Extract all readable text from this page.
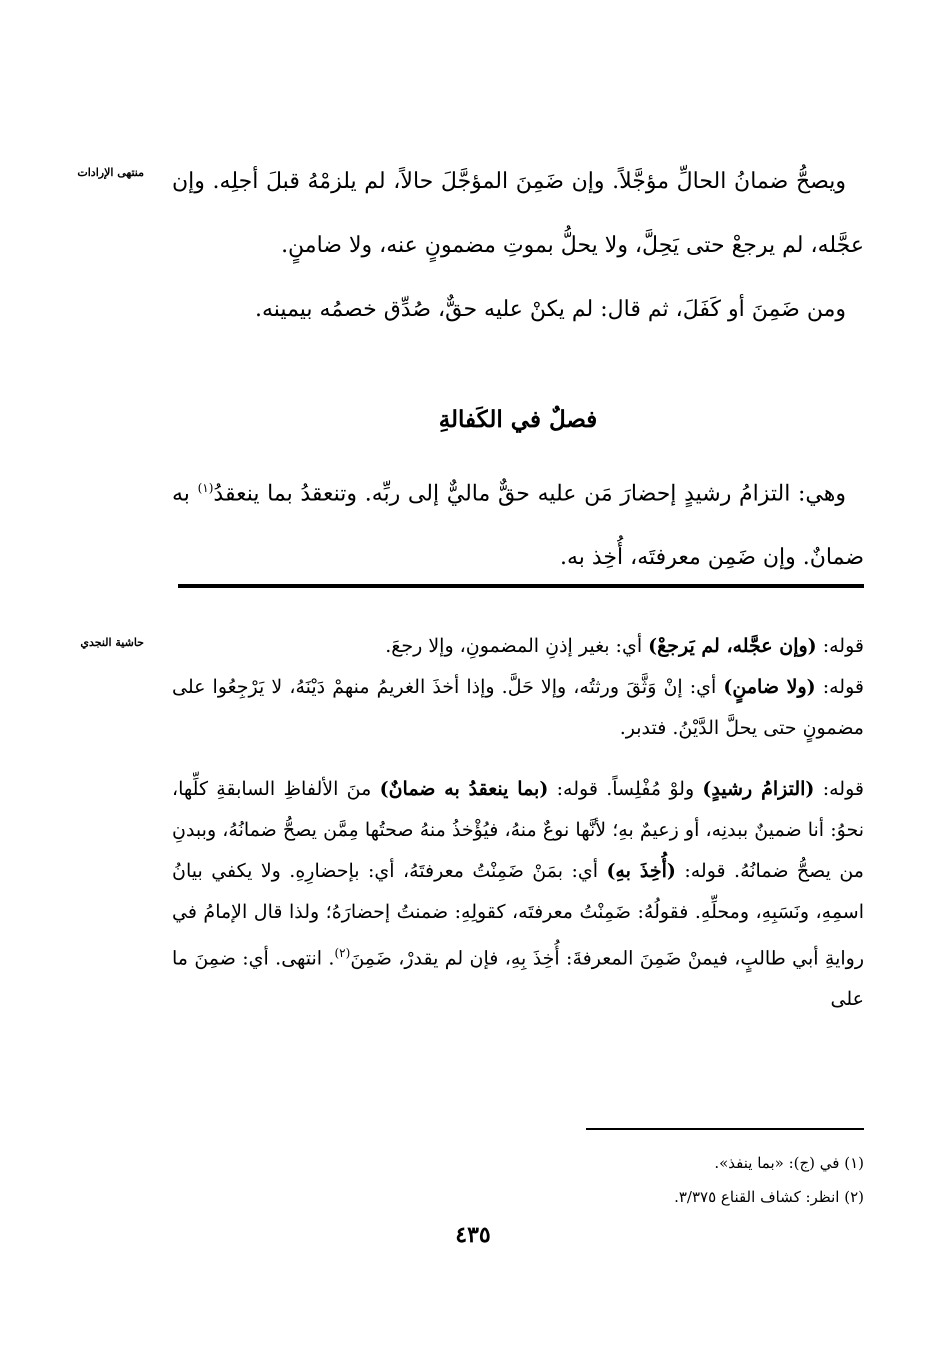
منتهى الإرادات ويصحُّ ضمانُ الحالِّ مؤجَّلاً. وإن ضَمِنَ المؤجَّلَ حالاً، لم يلزمْهُ قبلَ أجلِه. وإن عجَّله، لم يرجعْ حتى يَحِلَّ، ولا يحلُّ بموتِ مضمونٍ عنه، ولا ضامنٍ.

ومن ضَمِنَ أو كَفَلَ، ثم قال: لم يكنْ عليه حقٌّ، صُدِّق خصمُه بيمينه.

فصلٌ في الكَفالةِ

وهي: التزامُ رشيدٍ إحضارَ مَن عليه حقٌّ ماليٌّ إلى ربِّه. وتنعقدُ بما ينعقدُ$^{(١)}$ به ضمانٌ. وإن ضَمِن معرفتَه، أُخِذ به.

حاشية النجدي	قوله: (وإن عجَّله، لم يَرجعْ) أي: بغير إذنِ المضمونِ، وإلا رجعَ.

قوله: (ولا ضامنٍ) أي: إنْ وَثَّقَ ورثتُه، وإلا حَلَّ. وإذا أخذَ الغريمُ منهمْ دَيْنَهُ، لا يَرْجِعُوا على مضمونٍ حتى يحلَّ الدَّيْنُ. فتدبر.

قوله: (التزامُ رشيدٍ) ولوْ مُفْلِساً. قوله: (بما ينعقدُ به ضمانٌ) منَ الألفاظِ السابقةِ كلِّها، نحوُ: أنا ضمينٌ ببدنِه، أو زعيمٌ بهِ؛ لأنَّها نوعٌ منهُ، فيُؤْخذُ منهُ صحتُها مِمَّن يصحُّ ضمانُهُ، وببدنِ من يصحُّ ضمانُهُ. قوله: (أُخِذَ بهِ) أي: بمَنْ ضَمِنْتُ معرفتَهُ، أي: بإحضارِهِ. ولا يكفي بيانُ اسمِهِ، ونَسَبِهِ، ومحلِّهِ. فقولُهُ: ضَمِنْتُ معرفتَه، كقولِهِ: ضمنتُ إحضارَهُ؛ ولذا قال الإمامُ في روايةِ أبي طالبٍ، فيمنْ ضَمِنَ المعرفةَ: أُخِذَ بِهِ، فإن لم يقدرْ، ضَمِنَ$^{(٢)}$. انتهى. أي: ضمِنَ ما على

(١) في (ج): «بما ينفذ».
(٢) انظر: كشاف القناع ٣/٣٧٥.
٤٣٥
